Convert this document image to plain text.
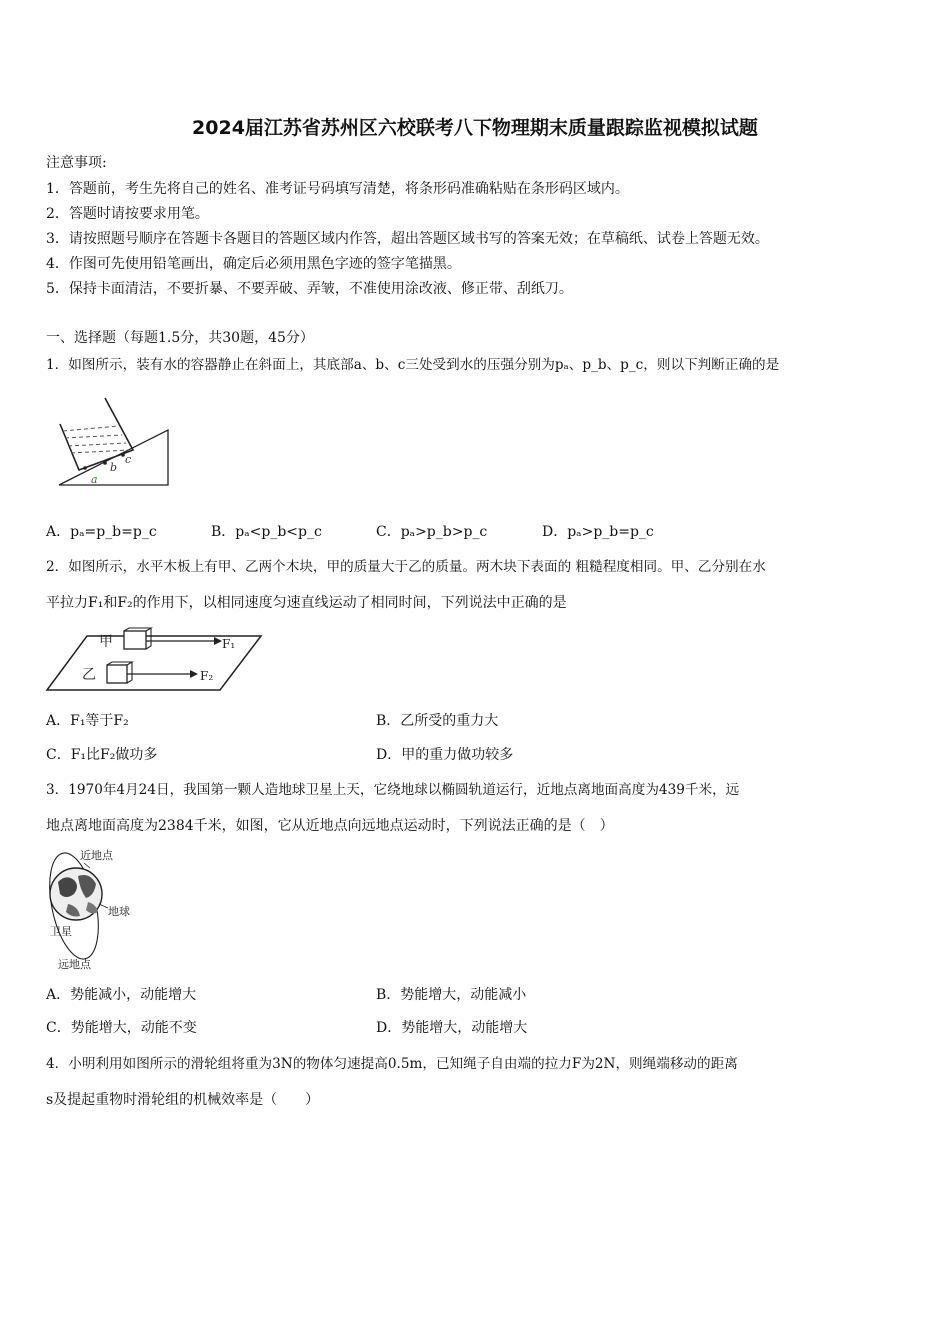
2024届江苏省苏州区六校联考八下物理期末质量跟踪监视模拟试题
注意事项:
1．答题前，考生先将自己的姓名、准考证号码填写清楚，将条形码准确粘贴在条形码区域内。
2．答题时请按要求用笔。
3．请按照题号顺序在答题卡各题目的答题区域内作答，超出答题区域书写的答案无效；在草稿纸、试卷上答题无效。
4．作图可先使用铅笔画出，确定后必须用黑色字迹的签字笔描黑。
5．保持卡面清洁，不要折暴、不要弄破、弄皱，不准使用涂改液、修正带、刮纸刀。
一、选择题（每题1.5分，共30题，45分）
1．如图所示，装有水的容器静止在斜面上，其底部a、b、c三处受到水的压强分别为pₐ、p_b、p_c，则以下判断正确的是
a
b
c
A．pₐ=p_b=p_c	B．pₐ<p_b<p_c	C．pₐ>p_b>p_c	D．pₐ>p_b=p_c
2．如图所示，水平木板上有甲、乙两个木块，甲的质量大于乙的质量。两木块下表面的 粗糙程度相同。甲、乙分别在水
平拉力F₁和F₂的作用下，以相同速度匀速直线运动了相同时间，下列说法中正确的是
甲
乙
F₁
F₂
A．F₁等于F₂	B．乙所受的重力大
C．F₁比F₂做功多	D．甲的重力做功较多
3．1970年4月24日，我国第一颗人造地球卫星上天，它绕地球以椭圆轨道运行，近地点离地面高度为439千米，远
地点离地面高度为2384千米，如图，它从近地点向远地点运动时，下列说法正确的是（　）
近地点
地球
卫星
远地点
A．势能减小，动能增大	B．势能增大，动能减小
C．势能增大，动能不变	D．势能增大，动能增大
4．小明利用如图所示的滑轮组将重为3N的物体匀速提高0.5m，已知绳子自由端的拉力F为2N，则绳端移动的距离
s及提起重物时滑轮组的机械效率是（　　）
